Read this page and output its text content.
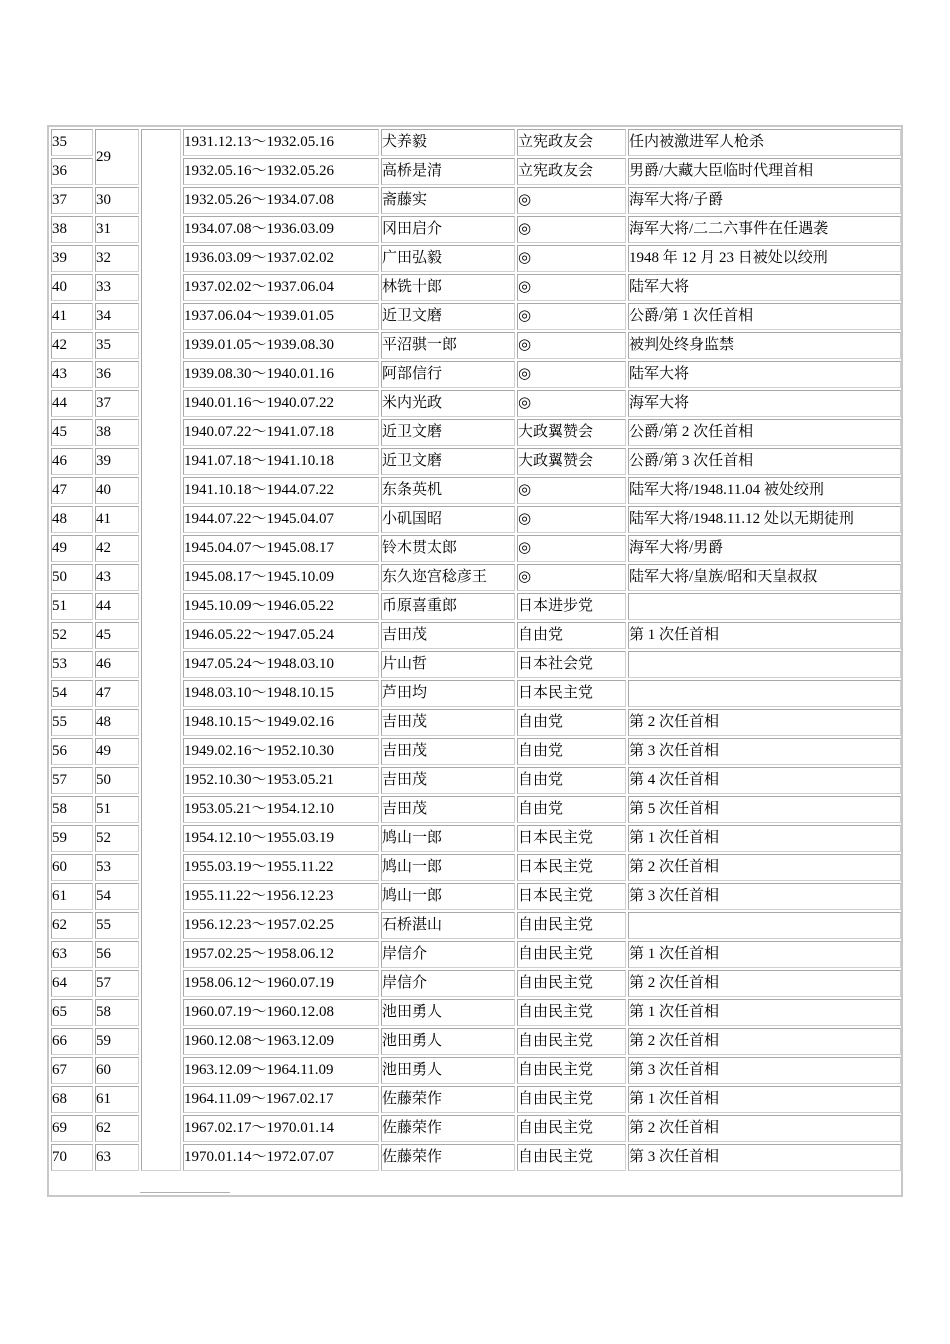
35	29		1931.12.13～1932.05.16	犬养毅	立宪政友会	任内被激进军人枪杀
36			1932.05.16～1932.05.26	高桥是清	立宪政友会	男爵/大藏大臣临时代理首相
37	30		1932.05.26～1934.07.08	斋藤实	◎	海军大将/子爵
38	31		1934.07.08～1936.03.09	冈田启介	◎	海军大将/二二六事件在任遇袭
39	32		1936.03.09～1937.02.02	广田弘毅	◎	1948 年 12 月 23 日被处以绞刑
40	33		1937.02.02～1937.06.04	林铣十郎	◎	陆军大将
41	34		1937.06.04～1939.01.05	近卫文磨	◎	公爵/第 1 次任首相
42	35		1939.01.05～1939.08.30	平沼骐一郎	◎	被判处终身监禁
43	36		1939.08.30～1940.01.16	阿部信行	◎	陆军大将
44	37		1940.01.16～1940.07.22	米内光政	◎	海军大将
45	38		1940.07.22～1941.07.18	近卫文磨	大政翼赞会	公爵/第 2 次任首相
46	39		1941.07.18～1941.10.18	近卫文磨	大政翼赞会	公爵/第 3 次任首相
47	40		1941.10.18～1944.07.22	东条英机	◎	陆军大将/1948.11.04 被处绞刑
48	41		1944.07.22～1945.04.07	小矶国昭	◎	陆军大将/1948.11.12 处以无期徒刑
49	42		1945.04.07～1945.08.17	铃木贯太郎	◎	海军大将/男爵
50	43		1945.08.17～1945.10.09	东久迩宫稔彦王	◎	陆军大将/皇族/昭和天皇叔叔
51	44		1945.10.09～1946.05.22	币原喜重郎	日本进步党	
52	45		1946.05.22～1947.05.24	吉田茂	自由党	第 1 次任首相
53	46		1947.05.24～1948.03.10	片山哲	日本社会党	
54	47		1948.03.10～1948.10.15	芦田均	日本民主党	
55	48		1948.10.15～1949.02.16	吉田茂	自由党	第 2 次任首相
56	49		1949.02.16～1952.10.30	吉田茂	自由党	第 3 次任首相
57	50		1952.10.30～1953.05.21	吉田茂	自由党	第 4 次任首相
58	51		1953.05.21～1954.12.10	吉田茂	自由党	第 5 次任首相
59	52		1954.12.10～1955.03.19	鸠山一郎	日本民主党	第 1 次任首相
60	53		1955.03.19～1955.11.22	鸠山一郎	日本民主党	第 2 次任首相
61	54		1955.11.22～1956.12.23	鸠山一郎	日本民主党	第 3 次任首相
62	55		1956.12.23～1957.02.25	石桥湛山	自由民主党	
63	56		1957.02.25～1958.06.12	岸信介	自由民主党	第 1 次任首相
64	57		1958.06.12～1960.07.19	岸信介	自由民主党	第 2 次任首相
65	58		1960.07.19～1960.12.08	池田勇人	自由民主党	第 1 次任首相
66	59		1960.12.08～1963.12.09	池田勇人	自由民主党	第 2 次任首相
67	60		1963.12.09～1964.11.09	池田勇人	自由民主党	第 3 次任首相
68	61		1964.11.09～1967.02.17	佐藤荣作	自由民主党	第 1 次任首相
69	62		1967.02.17～1970.01.14	佐藤荣作	自由民主党	第 2 次任首相
70	63		1970.01.14～1972.07.07	佐藤荣作	自由民主党	第 3 次任首相
